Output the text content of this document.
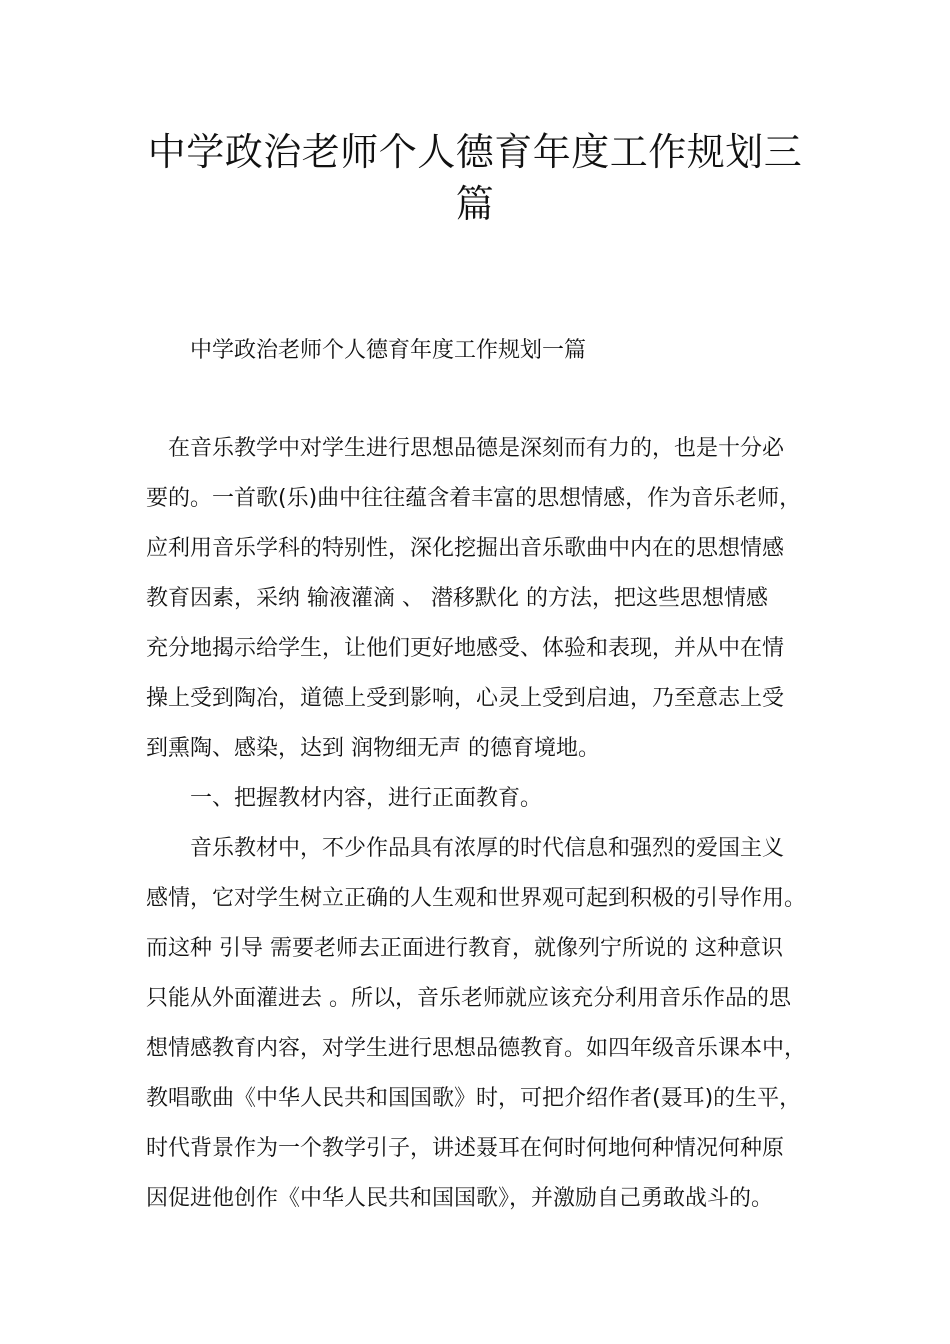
中学政治老师个人德育年度工作规划三
篇

中学政治老师个人德育年度工作规划一篇

在音乐教学中对学生进行思想品德是深刻而有力的，也是十分必
要的。一首歌(乐)曲中往往蕴含着丰富的思想情感，作为音乐老师，
应利用音乐学科的特别性，深化挖掘出音乐歌曲中内在的思想情感
教育因素，采纳 输液灌滴 、 潜移默化 的方法，把这些思想情感
充分地揭示给学生，让他们更好地感受、体验和表现，并从中在情
操上受到陶冶，道德上受到影响，心灵上受到启迪，乃至意志上受
到熏陶、感染，达到 润物细无声 的德育境地。
一、把握教材内容，进行正面教育。
音乐教材中，不少作品具有浓厚的时代信息和强烈的爱国主义
感情，它对学生树立正确的人生观和世界观可起到积极的引导作用。
而这种 引导 需要老师去正面进行教育，就像列宁所说的 这种意识
只能从外面灌进去 。所以，音乐老师就应该充分利用音乐作品的思
想情感教育内容，对学生进行思想品德教育。如四年级音乐课本中，
教唱歌曲《中华人民共和国国歌》时，可把介绍作者(聂耳)的生平，
时代背景作为一个教学引子，讲述聂耳在何时何地何种情况何种原
因促进他创作《中华人民共和国国歌》，并激励自己勇敢战斗的。
